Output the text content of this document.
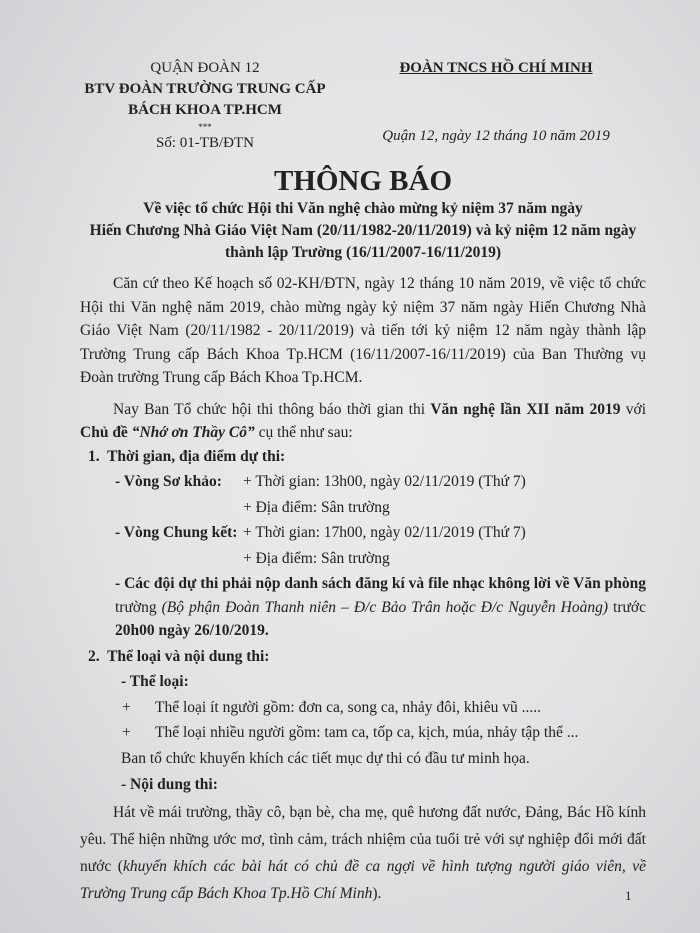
QUẬN ĐOÀN 12
BTV ĐOÀN TRƯỜNG TRUNG CẤP
BÁCH KHOA TP.HCM
***
Số: 01-TB/ĐTN
ĐOÀN TNCS HỒ CHÍ MINH
Quận 12, ngày 12 tháng 10 năm 2019
THÔNG BÁO
Về việc tổ chức Hội thi Văn nghệ chào mừng kỷ niệm 37 năm ngày
Hiến Chương Nhà Giáo Việt Nam (20/11/1982-20/11/2019) và kỷ niệm 12 năm ngày
thành lập Trường (16/11/2007-16/11/2019)

Căn cứ theo Kế hoạch số 02-KH/ĐTN, ngày 12 tháng 10 năm 2019, về việc tổ chức Hội thi Văn nghệ năm 2019, chào mừng ngày kỷ niệm 37 năm ngày Hiến Chương Nhà Giáo Việt Nam (20/11/1982 - 20/11/2019) và tiến tới kỷ niệm 12 năm ngày thành lập Trường Trung cấp Bách Khoa Tp.HCM (16/11/2007-16/11/2019) của Ban Thường vụ Đoàn trường Trung cấp Bách Khoa Tp.HCM.

Nay Ban Tổ chức hội thi thông báo thời gian thi Văn nghệ lần XII năm 2019 với Chủ đề “Nhớ ơn Thầy Cô” cụ thể như sau:

1.  Thời gian, địa điểm dự thi:
- Vòng Sơ khảo:	+ Thời gian: 13h00, ngày 02/11/2019 (Thứ 7)
+ Địa điểm: Sân trường
- Vòng Chung kết: + Thời gian: 17h00, ngày 02/11/2019 (Thứ 7)
+ Địa điểm: Sân trường

- Các đội dự thi phải nộp danh sách đăng kí và file nhạc không lời về Văn phòng trường (Bộ phận Đoàn Thanh niên – Đ/c Bảo Trân hoặc Đ/c Nguyễn Hoàng) trước 20h00 ngày 26/10/2019.

2.  Thể loại và nội dung thi:
- Thể loại:
+	Thể loại ít người gồm: đơn ca, song ca, nhảy đôi, khiêu vũ .....
+	Thể loại nhiều người gồm: tam ca, tốp ca, kịch, múa, nhảy tập thể ...
Ban tổ chức khuyến khích các tiết mục dự thi có đầu tư minh họa.
- Nội dung thi:

Hát về mái trường, thầy cô, bạn bè, cha mẹ, quê hương đất nước, Đảng, Bác Hồ kính yêu. Thể hiện những ước mơ, tình cảm, trách nhiệm của tuổi trẻ với sự nghiệp đổi mới đất nước (khuyến khích các bài hát có chủ đề ca ngợi về hình tượng người giáo viên, về Trường Trung cấp Bách Khoa Tp.Hồ Chí Minh).	1
